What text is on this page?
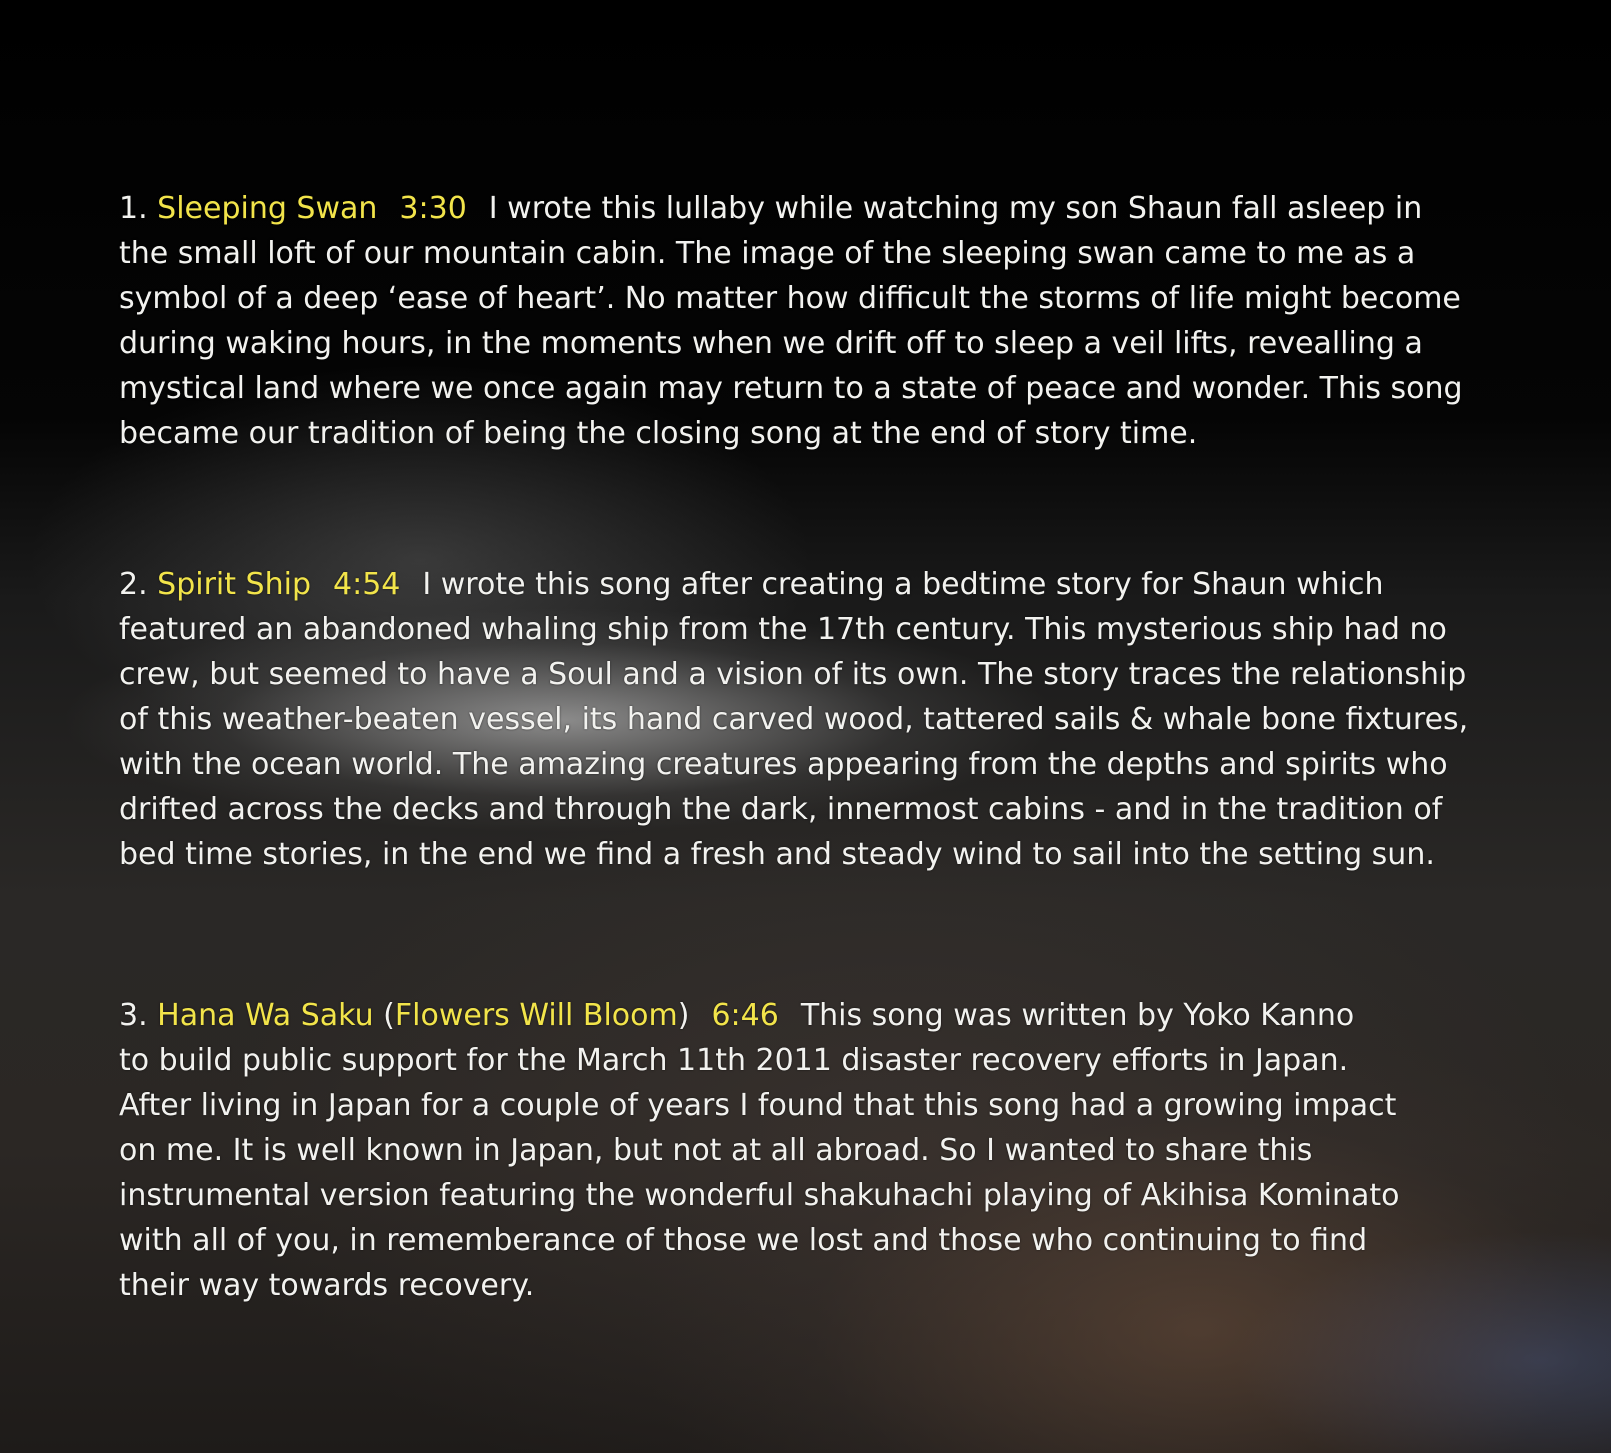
1. Sleeping Swan 3:30 I wrote this lullaby while watching my son Shaun fall asleep in
the small loft of our mountain cabin. The image of the sleeping swan came to me as a
symbol of a deep ‘ease of heart’. No matter how difficult the storms of life might become
during waking hours, in the moments when we drift off to sleep a veil lifts, revealling a
mystical land where we once again may return to a state of peace and wonder. This song
became our tradition of being the closing song at the end of story time.

2. Spirit Ship 4:54 I wrote this song after creating a bedtime story for Shaun which
featured an abandoned whaling ship from the 17th century. This mysterious ship had no
crew, but seemed to have a Soul and a vision of its own. The story traces the relationship
of this weather-beaten vessel, its hand carved wood, tattered sails & whale bone fixtures,
with the ocean world. The amazing creatures appearing from the depths and spirits who
drifted across the decks and through the dark, innermost cabins - and in the tradition of
bed time stories, in the end we find a fresh and steady wind to sail into the setting sun.

3. Hana Wa Saku (Flowers Will Bloom) 6:46 This song was written by Yoko Kanno
to build public support for the March 11th 2011 disaster recovery efforts in Japan.
After living in Japan for a couple of years I found that this song had a growing impact
on me. It is well known in Japan, but not at all abroad. So I wanted to share this
instrumental version featuring the wonderful shakuhachi playing of Akihisa Kominato
with all of you, in rememberance of those we lost and those who continuing to find
their way towards recovery.
